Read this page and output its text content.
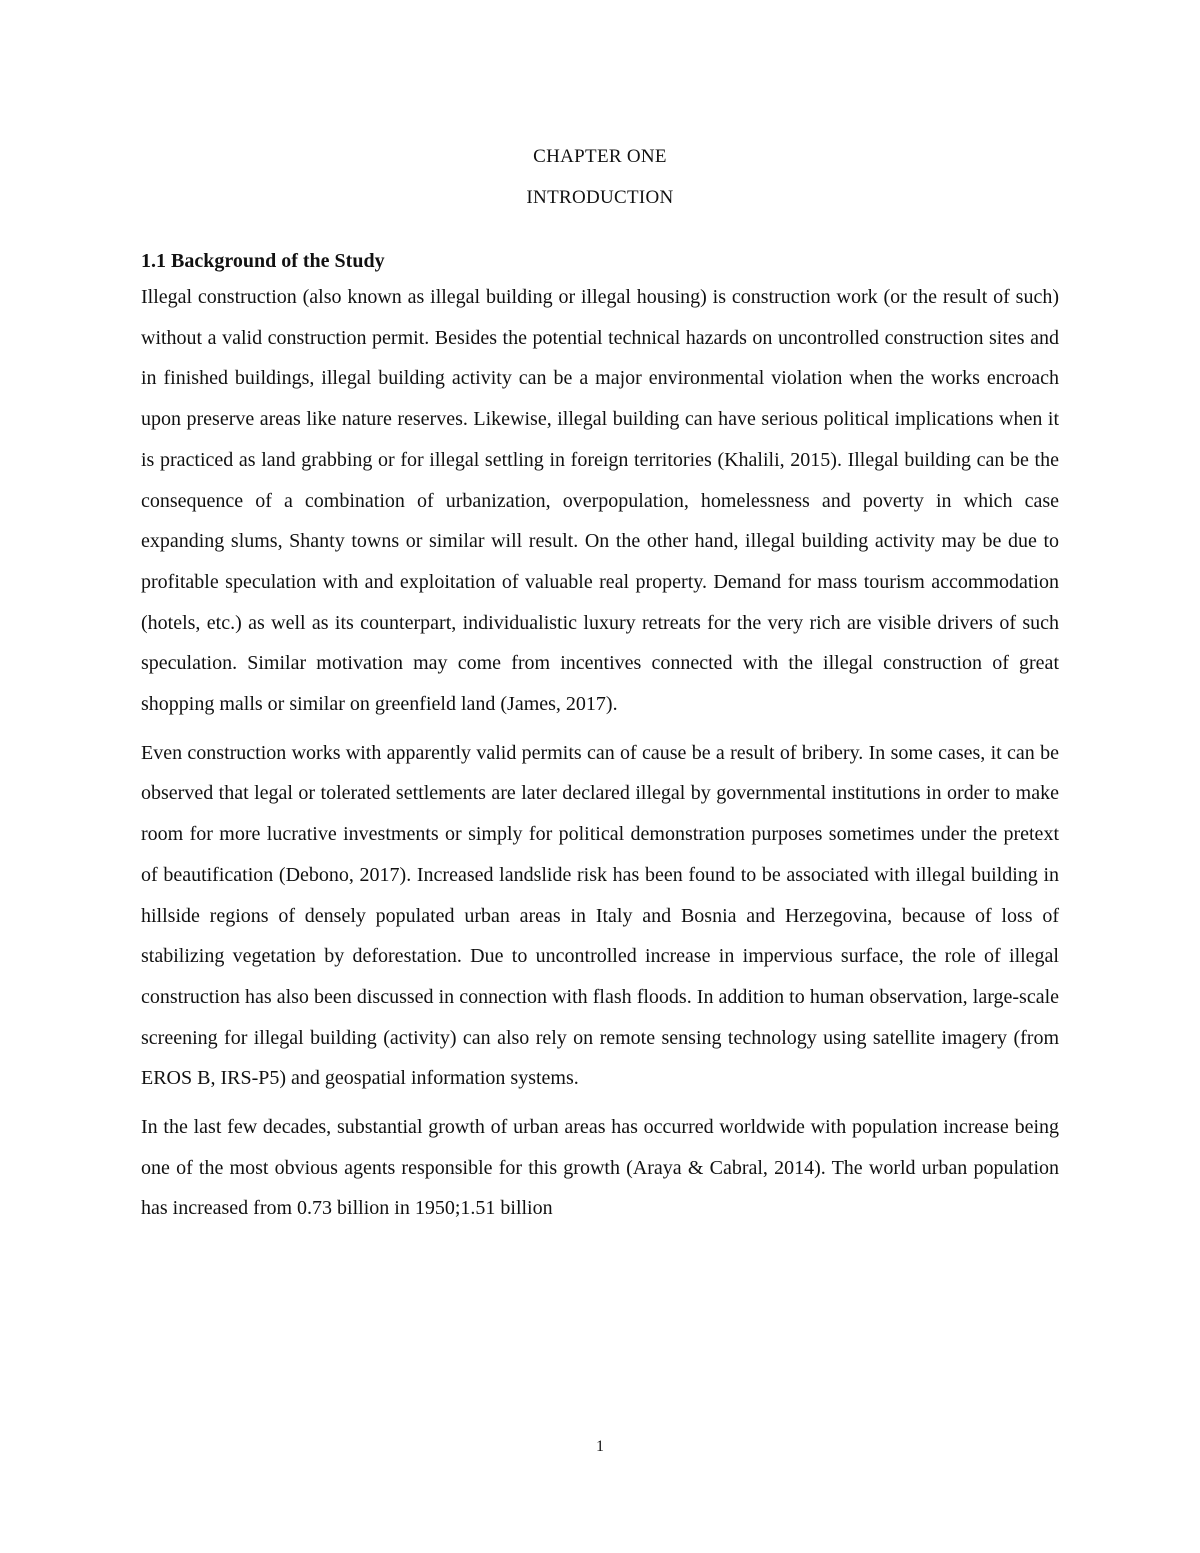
CHAPTER ONE
INTRODUCTION
1.1 Background of the Study

Illegal construction (also known as illegal building or illegal housing) is construction work (or the result of such) without a valid construction permit. Besides the potential technical hazards on uncontrolled construction sites and in finished buildings, illegal building activity can be a major environmental violation when the works encroach upon preserve areas like nature reserves. Likewise, illegal building can have serious political implications when it is practiced as land grabbing or for illegal settling in foreign territories (Khalili, 2015). Illegal building can be the consequence of a combination of urbanization, overpopulation, homelessness and poverty in which case expanding slums, Shanty towns or similar will result. On the other hand, illegal building activity may be due to profitable speculation with and exploitation of valuable real property. Demand for mass tourism accommodation (hotels, etc.) as well as its counterpart, individualistic luxury retreats for the very rich are visible drivers of such speculation. Similar motivation may come from incentives connected with the illegal construction of great shopping malls or similar on greenfield land (James, 2017).

Even construction works with apparently valid permits can of cause be a result of bribery. In some cases, it can be observed that legal or tolerated settlements are later declared illegal by governmental institutions in order to make room for more lucrative investments or simply for political demonstration purposes sometimes under the pretext of beautification (Debono, 2017). Increased landslide risk has been found to be associated with illegal building in hillside regions of densely populated urban areas in Italy and Bosnia and Herzegovina, because of loss of stabilizing vegetation by deforestation. Due to uncontrolled increase in impervious surface, the role of illegal construction has also been discussed in connection with flash floods. In addition to human observation, large-scale screening for illegal building (activity) can also rely on remote sensing technology using satellite imagery (from EROS B, IRS-P5) and geospatial information systems.

In the last few decades, substantial growth of urban areas has occurred worldwide with population increase being one of the most obvious agents responsible for this growth (Araya & Cabral, 2014). The world urban population has increased from 0.73 billion in 1950;1.51 billion

1
